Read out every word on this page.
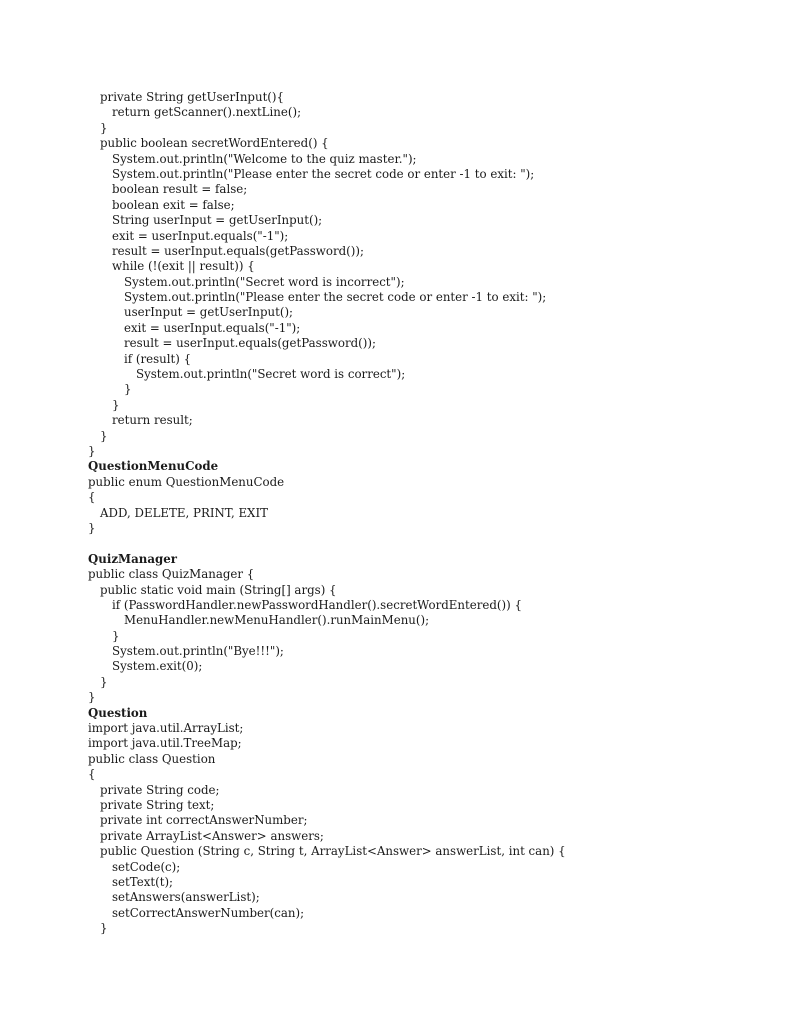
private String getUserInput(){
return getScanner().nextLine();
}
public boolean secretWordEntered() {
System.out.println("Welcome to the quiz master.");
System.out.println("Please enter the secret code or enter -1 to exit: ");
boolean result = false;
boolean exit = false;
String userInput = getUserInput();
exit = userInput.equals("-1");
result = userInput.equals(getPassword());
while (!(exit || result)) {
System.out.println("Secret word is incorrect");
System.out.println("Please enter the secret code or enter -1 to exit: ");
userInput = getUserInput();
exit = userInput.equals("-1");
result = userInput.equals(getPassword());
if (result) {
System.out.println("Secret word is correct");
}
}
return result;
}
}
QuestionMenuCode
public enum QuestionMenuCode
{
ADD, DELETE, PRINT, EXIT
}
QuizManager
public class QuizManager {
public static void main (String[] args) {
if (PasswordHandler.newPasswordHandler().secretWordEntered()) {
MenuHandler.newMenuHandler().runMainMenu();
}
System.out.println("Bye!!!");
System.exit(0);
}
}
Question
import java.util.ArrayList;
import java.util.TreeMap;
public class Question
{
private String code;
private String text;
private int correctAnswerNumber;
private ArrayList<Answer> answers;
public Question (String c, String t, ArrayList<Answer> answerList, int can) {
setCode(c);
setText(t);
setAnswers(answerList);
setCorrectAnswerNumber(can);
}
